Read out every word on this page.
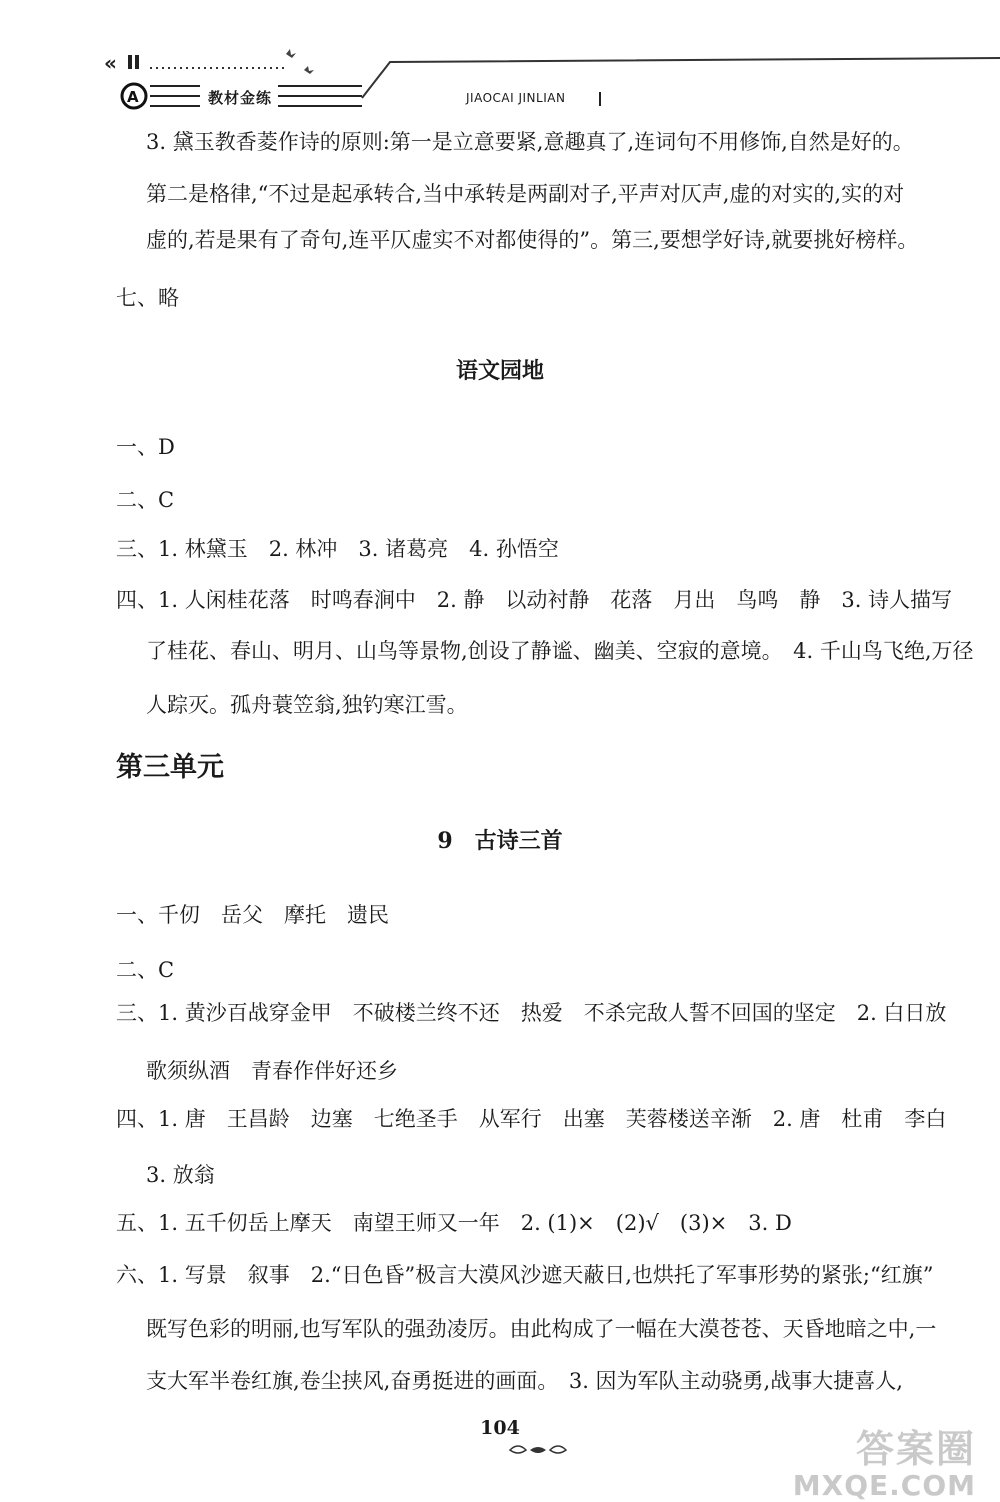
«
A	教材金练	JIAOCAI JINLIAN
3. 黛玉教香菱作诗的原则:第一是立意要紧,意趣真了,连词句不用修饰,自然是好的。
第二是格律,“不过是起承转合,当中承转是两副对子,平声对仄声,虚的对实的,实的对
虚的,若是果有了奇句,连平仄虚实不对都使得的”。第三,要想学好诗,就要挑好榜样。
七、略
语文园地
一、D
二、C
三、1. 林黛玉　2. 林冲　3. 诸葛亮　4. 孙悟空
四、1. 人闲桂花落　时鸣春涧中　2. 静　以动衬静　花落　月出　鸟鸣　静　3. 诗人描写
了桂花、春山、明月、山鸟等景物,创设了静谧、幽美、空寂的意境。　4. 千山鸟飞绝,万径
人踪灭。孤舟蓑笠翁,独钓寒江雪。
第三单元
9　古诗三首
一、千仞　岳父　摩托　遗民
二、C
三、1. 黄沙百战穿金甲　不破楼兰终不还　热爱　不杀完敌人誓不回国的坚定　2. 白日放
歌须纵酒　青春作伴好还乡
四、1. 唐　王昌龄　边塞　七绝圣手　从军行　出塞　芙蓉楼送辛渐　2. 唐　杜甫　李白
3. 放翁
五、1. 五千仞岳上摩天　南望王师又一年　2. (1)×　(2)√　(3)×　3. D
六、1. 写景　叙事　2.“日色昏”极言大漠风沙遮天蔽日,也烘托了军事形势的紧张;“红旗”
既写色彩的明丽,也写军队的强劲凌厉。由此构成了一幅在大漠苍苍、天昏地暗之中,一
支大军半卷红旗,卷尘挟风,奋勇挺进的画面。　3. 因为军队主动骁勇,战事大捷喜人,
104	答案圈
MXQE.COM
